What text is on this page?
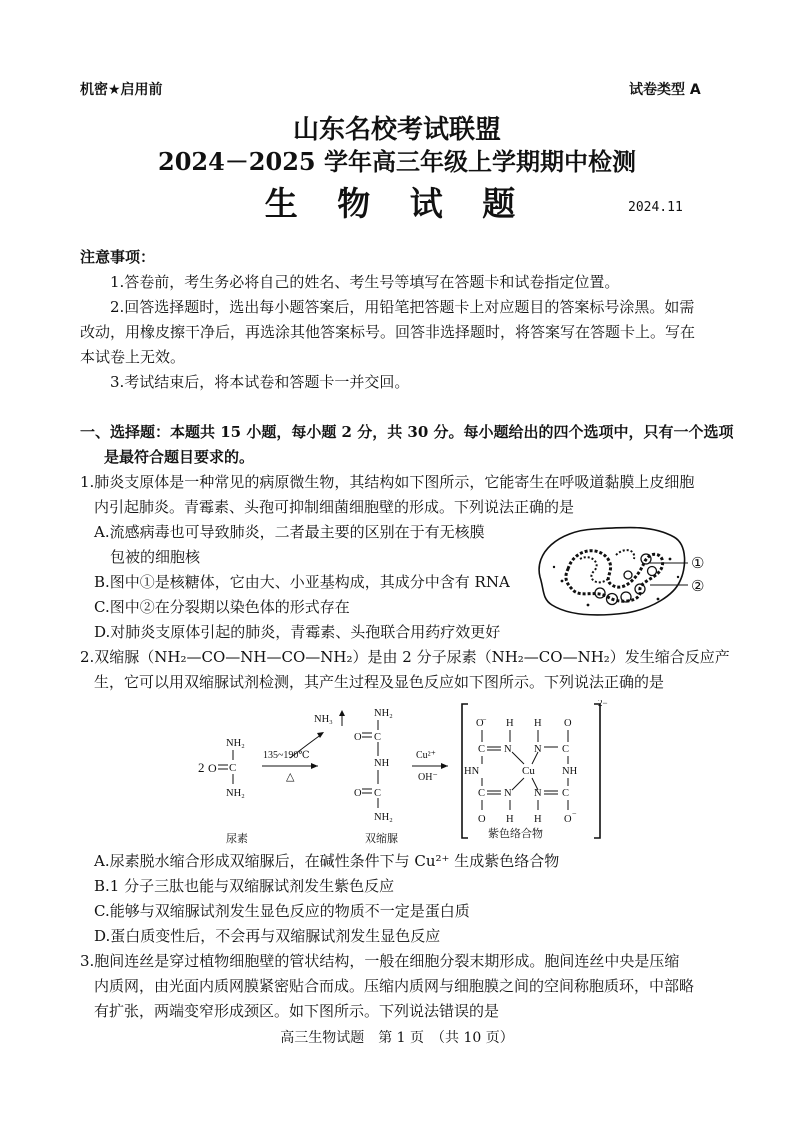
机密★启用前	试卷类型 A
山东名校考试联盟
2024－2025 学年高三年级上学期期中检测
生 物 试 题	2024.11
注意事项：
1.答卷前，考生务必将自己的姓名、考生号等填写在答题卡和试卷指定位置。
2.回答选择题时，选出每小题答案后，用铅笔把答题卡上对应题目的答案标号涂黑。如需
改动，用橡皮擦干净后，再选涂其他答案标号。回答非选择题时，将答案写在答题卡上。写在
本试卷上无效。
3.考试结束后，将本试卷和答题卡一并交回。
一、选择题：本题共 15 小题，每小题 2 分，共 30 分。每小题给出的四个选项中，只有一个选项
是最符合题目要求的。
1.肺炎支原体是一种常见的病原微生物，其结构如下图所示，它能寄生在呼吸道黏膜上皮细胞
内引起肺炎。青霉素、头孢可抑制细菌细胞壁的形成。下列说法正确的是
A.流感病毒也可导致肺炎，二者最主要的区别在于有无核膜
包被的细胞核
B.图中①是核糖体，它由大、小亚基构成，其成分中含有 RNA
C.图中②在分裂期以染色体的形式存在
D.对肺炎支原体引起的肺炎，青霉素、头孢联合用药疗效更好
①
②
2.双缩脲（NH₂—CO—NH—CO—NH₂）是由 2 分子尿素（NH₂—CO—NH₂）发生缩合反应产
生，它可以用双缩脲试剂检测，其产生过程及显色反应如下图所示。下列说法正确的是
2 O C
NH₂
NH₂
135~190℃
△
NH₃
NH₂
O C
NH
O C
NH₂
Cu²⁺
OH⁻
2−
O
− H
C N
HN
C N
O H
Cu
H O
N C
NH
N C
H O
−
尿素	双缩脲	紫色络合物
A.尿素脱水缩合形成双缩脲后，在碱性条件下与 Cu²⁺ 生成紫色络合物
B.1 分子三肽也能与双缩脲试剂发生紫色反应
C.能够与双缩脲试剂发生显色反应的物质不一定是蛋白质
D.蛋白质变性后，不会再与双缩脲试剂发生显色反应
3.胞间连丝是穿过植物细胞壁的管状结构，一般在细胞分裂末期形成。胞间连丝中央是压缩
内质网，由光面内质网膜紧密贴合而成。压缩内质网与细胞膜之间的空间称胞质环，中部略
有扩张，两端变窄形成颈区。如下图所示。下列说法错误的是
高三生物试题　第 1 页　（共 10 页）
